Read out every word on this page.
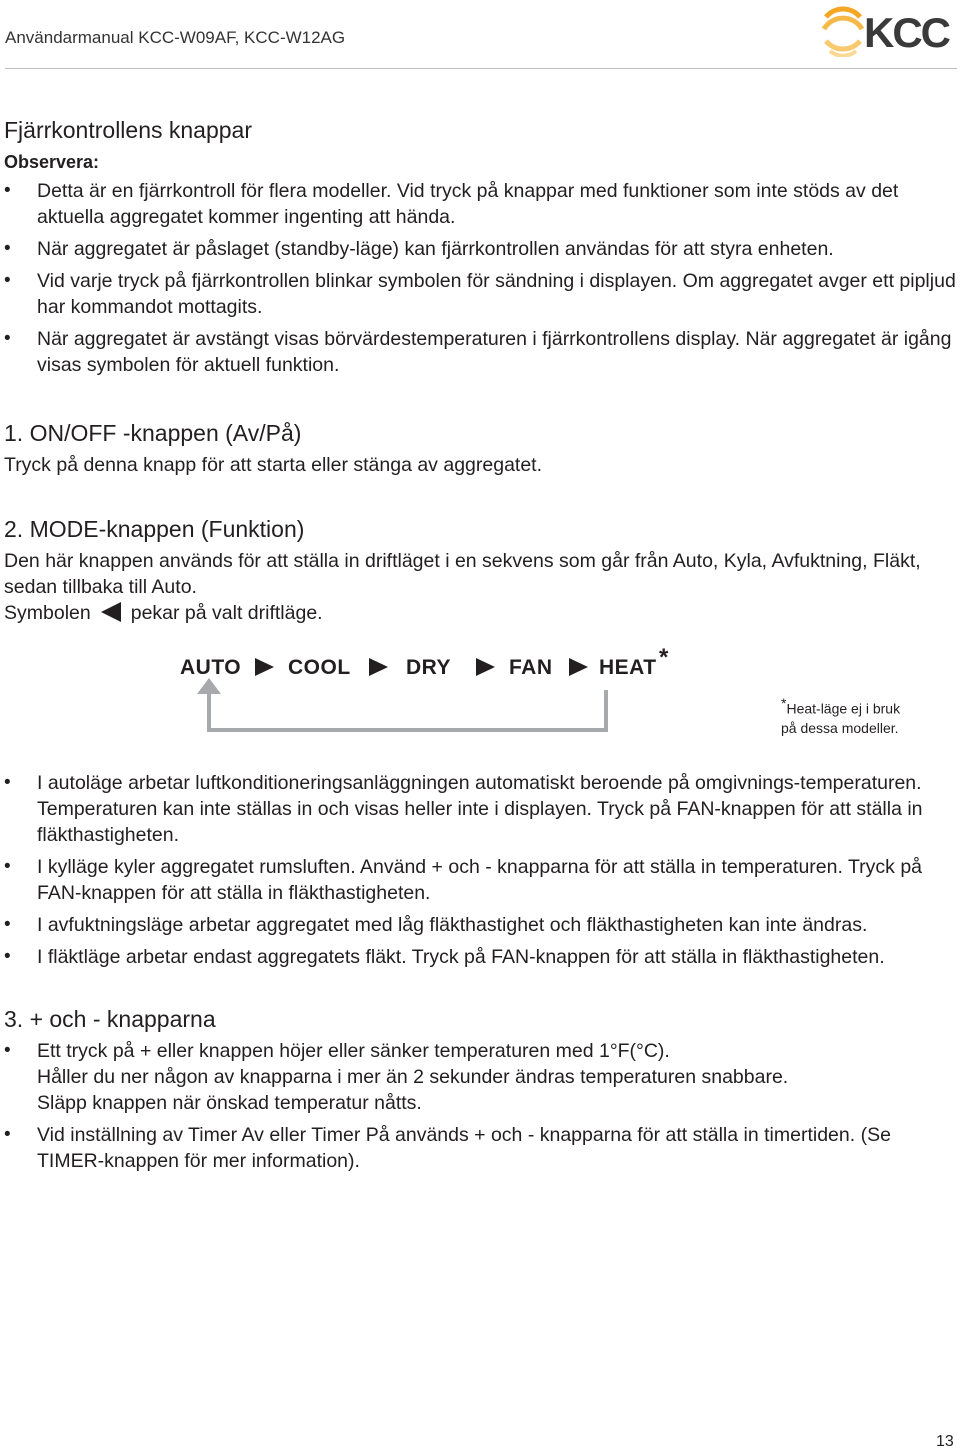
Användarmanual KCC-W09AF, KCC-W12AG	KCC
Fjärrkontrollens knappar
Observera:
• Detta är en fjärrkontroll för flera modeller. Vid tryck på knappar med funktioner som inte stöds av det aktuella aggregatet kommer ingenting att hända.
• När aggregatet är påslaget (standby-läge) kan fjärrkontrollen användas för att styra enheten.
• Vid varje tryck på fjärrkontrollen blinkar symbolen för sändning i displayen. Om aggregatet avger ett pipljud har kommandot mottagits.
• När aggregatet är avstängt visas börvärdestemperaturen i fjärrkontrollens display. När aggregatet är igång visas symbolen för aktuell funktion.
1. ON/OFF -knappen (Av/På)

Tryck på denna knapp för att starta eller stänga av aggregatet.

2. MODE-knappen (Funktion)

Den här knappen används för att ställa in driftläget i en sekvens som går från Auto, Kyla, Avfuktning, Fläkt, sedan tillbaka till Auto.

Symbolen pekar på valt driftläge.

AUTO COOL	DRY	FAN HEAT *
*Heat-läge ej i bruk
på dessa modeller.
• I autoläge arbetar luftkonditioneringsanläggningen automatiskt beroende på omgivnings-temperaturen. Temperaturen kan inte ställas in och visas heller inte i displayen. Tryck på FAN-knappen för att ställa in fläkthastigheten.
• I kylläge kyler aggregatet rumsluften. Använd + och - knapparna för att ställa in temperaturen. Tryck på FAN-knappen för att ställa in fläkthastigheten.
• I avfuktningsläge arbetar aggregatet med låg fläkthastighet och fläkthastigheten kan inte ändras.
• I fläktläge arbetar endast aggregatets fläkt. Tryck på FAN-knappen för att ställa in fläkthastigheten.
3. + och - knapparna
• Ett tryck på + eller knappen höjer eller sänker temperaturen med 1°F(°C).
Håller du ner någon av knapparna i mer än 2 sekunder ändras temperaturen snabbare.
Släpp knappen när önskad temperatur nåtts.
• Vid inställning av Timer Av eller Timer På används + och - knapparna för att ställa in timertiden. (Se TIMER-knappen för mer information).
13
